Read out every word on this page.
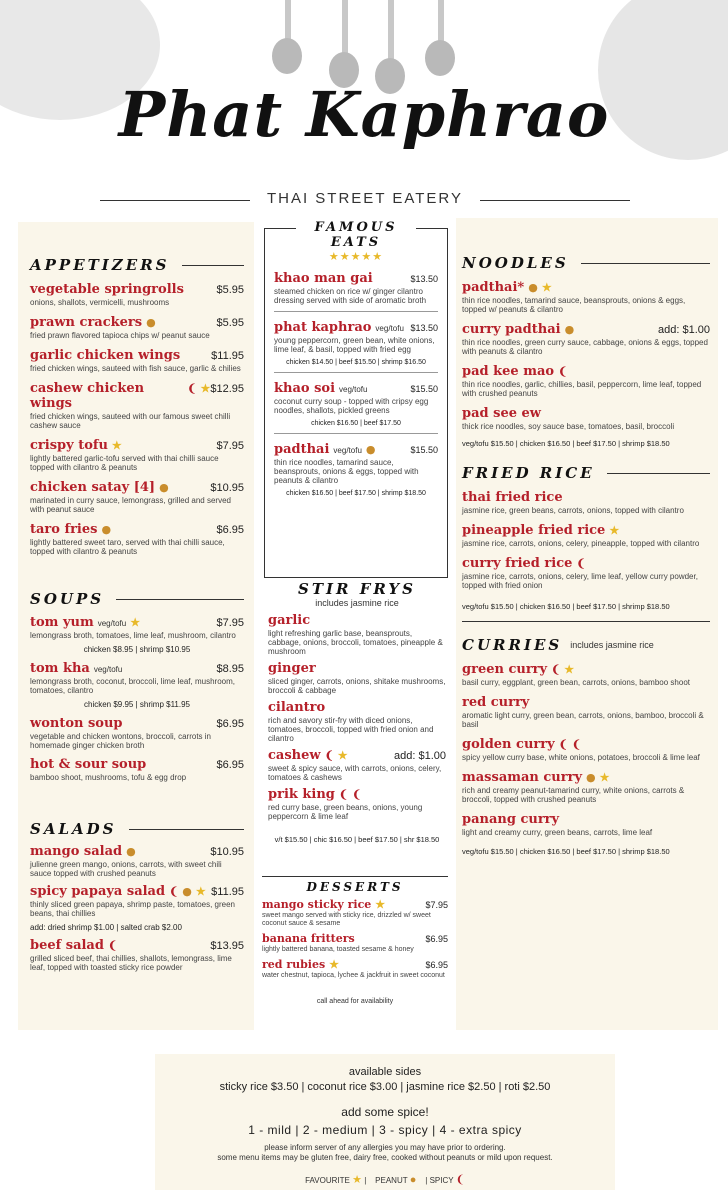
Phat Kaphrao
THAI STREET EATERY
APPETIZERS
vegetable springrolls	$5.95
onions, shallots, vermicelli, mushrooms
prawn crackers ●	$5.95
fried prawn flavored tapioca chips w/ peanut sauce
garlic chicken wings	$11.95
fried chicken wings, sauteed with fish sauce, garlic & chilies
cashew chicken wings
❨ ★ $12.95
fried chicken wings, sauteed with our famous sweet chilli cashew sauce
crispy tofu ★	$7.95
lightly battered garlic-tofu served with thai chilli sauce topped with cilantro & peanuts
chicken satay [4] ●	$10.95
marinated in curry sauce, lemongrass, grilled and served with peanut sauce
taro fries ●	$6.95
lightly battered sweet taro, served with thai chilli sauce, topped with cilantro & peanuts
SOUPS
tom yum veg/tofu ★	$7.95
lemongrass broth, tomatoes, lime leaf, mushroom, cilantro
chicken $8.95 | shrimp $10.95
tom kha veg/tofu	$8.95
lemongrass broth, coconut, broccoli, lime leaf, mushroom, tomatoes, cilantro
chicken $9.95 | shrimp $11.95
wonton soup	$6.95
vegetable and chicken wontons, broccoli, carrots in homemade ginger chicken broth
hot & sour soup	$6.95
bamboo shoot, mushrooms, tofu & egg drop
SALADS
mango salad ●	$10.95
julienne green mango, onions, carrots, with sweet chili sauce topped with crushed peanuts
spicy papaya salad ❨ ● ★ $11.95
thinly sliced green papaya, shrimp paste, tomatoes, green beans, thai chillies
add: dried shrimp $1.00 | salted crab $2.00
beef salad ❨	$13.95
grilled sliced beef, thai chillies, shallots, lemongrass, lime leaf, topped with toasted sticky rice powder
FAMOUS EATS
★★★★★
khao man gai	$13.50
steamed chicken on rice w/ ginger cilantro dressing served with side of aromatic broth
phat kaphrao veg/tofu $13.50
young peppercorn, green bean, white onions, lime leaf, & basil, topped with fried egg
chicken $14.50 | beef $15.50 | shrimp $16.50
khao soi veg/tofu	$15.50
coconut curry soup - topped with cripsy egg noodles, shallots, pickled greens
chicken $16.50 | beef $17.50
padthai veg/tofu ●	$15.50
thin rice noodles, tamarind sauce, beansprouts, onions & eggs, topped with peanuts & cilantro
chicken $16.50 | beef $17.50 | shrimp $18.50
STIR FRYS
includes jasmine rice
garlic
light refreshing garlic base, beansprouts, cabbage, onions, broccoli, tomatoes, pineapple & mushroom
ginger
sliced ginger, carrots, onions, shitake mushrooms, broccoli & cabbage
cilantro
rich and savory stir-fry with diced onions, tomatoes, broccoli, topped with fried onion and cilantro
cashew ❨ ★	add: $1.00
sweet & spicy sauce, with carrots, onions, celery, tomatoes & cashews
prik king ❨ ❨
red curry base, green beans, onions, young peppercorn & lime leaf
v/t $15.50 | chic $16.50 | beef $17.50 | shr $18.50
DESSERTS
mango sticky rice ★	$7.95
sweet mango served with sticky rice, drizzled w/ sweet coconut sauce & sesame
banana fritters	$6.95
lightly battered banana, toasted sesame & honey
red rubies ★	$6.95
water chestnut, tapioca, lychee & jackfruit in sweet coconut
call ahead for availability
NOODLES
padthai* ● ★
thin rice noodles, tamarind sauce, beansprouts, onions & eggs, topped w/ peanuts & cilantro
curry padthai ●	add: $1.00
thin rice noodles, green curry sauce, cabbage, onions & eggs, topped with peanuts & cilantro
pad kee mao ❨
thin rice noodles, garlic, chillies, basil, peppercorn, lime leaf, topped with crushed peanuts
pad see ew
thick rice noodles, soy sauce base, tomatoes, basil, broccoli
veg/tofu $15.50 | chicken $16.50 | beef $17.50 | shrimp $18.50
FRIED RICE
thai fried rice
jasmine rice, green beans, carrots, onions, topped with cilantro
pineapple fried rice ★
jasmine rice, carrots, onions, celery, pineapple, topped with cilantro
curry fried rice ❨
jasmine rice, carrots, onions, celery, lime leaf, yellow curry powder, topped with fried onion
veg/tofu $15.50 | chicken $16.50 | beef $17.50 | shrimp $18.50
CURRIES includes jasmine rice
green curry ❨ ★
basil curry, eggplant, green bean, carrots, onions, bamboo shoot
red curry
aromatic light curry, green bean, carrots, onions, bamboo, broccoli & basil
golden curry ❨ ❨
spicy yellow curry base, white onions, potatoes, broccoli & lime leaf
massaman curry ● ★
rich and creamy peanut-tamarind curry, white onions, carrots & broccoli, topped with crushed peanuts
panang curry
light and creamy curry, green beans, carrots, lime leaf
veg/tofu $15.50 | chicken $16.50 | beef $17.50 | shrimp $18.50
available sides
sticky rice $3.50 | coconut rice $3.00 | jasmine rice $2.50 | roti $2.50
add some spice!
1 - mild | 2 - medium | 3 - spicy | 4 - extra spicy
please inform server of any allergies you may have prior to ordering.
some menu items may be gluten free, dairy free, cooked without peanuts or mild upon request.
FAVOURITE ★ |    PEANUT ● | SPICY ❨
